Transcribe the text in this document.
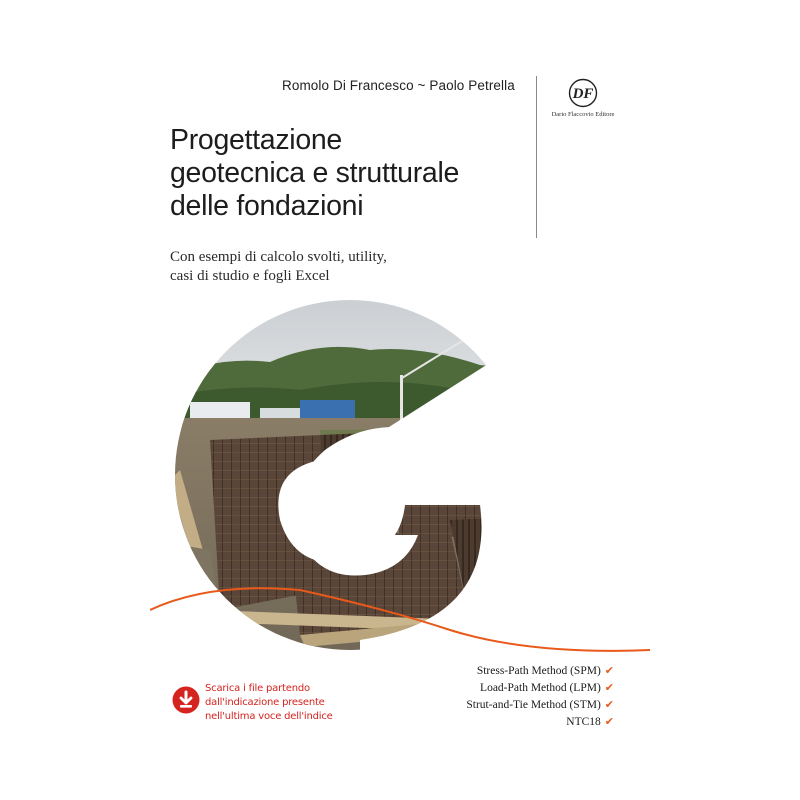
Romolo Di Francesco ~ Paolo Petrella
DF
Dario Flaccovio Editore
Progettazione
geotecnica e strutturale
delle fondazioni
Con esempi di calcolo svolti, utility,
casi di studio e fogli Excel
Scarica i file partendo
dall'indicazione presente
nell'ultima voce dell'indice
Stress-Path Method (SPM) ✔
Load-Path Method (LPM) ✔
Strut-and-Tie Method (STM) ✔
NTC18 ✔
